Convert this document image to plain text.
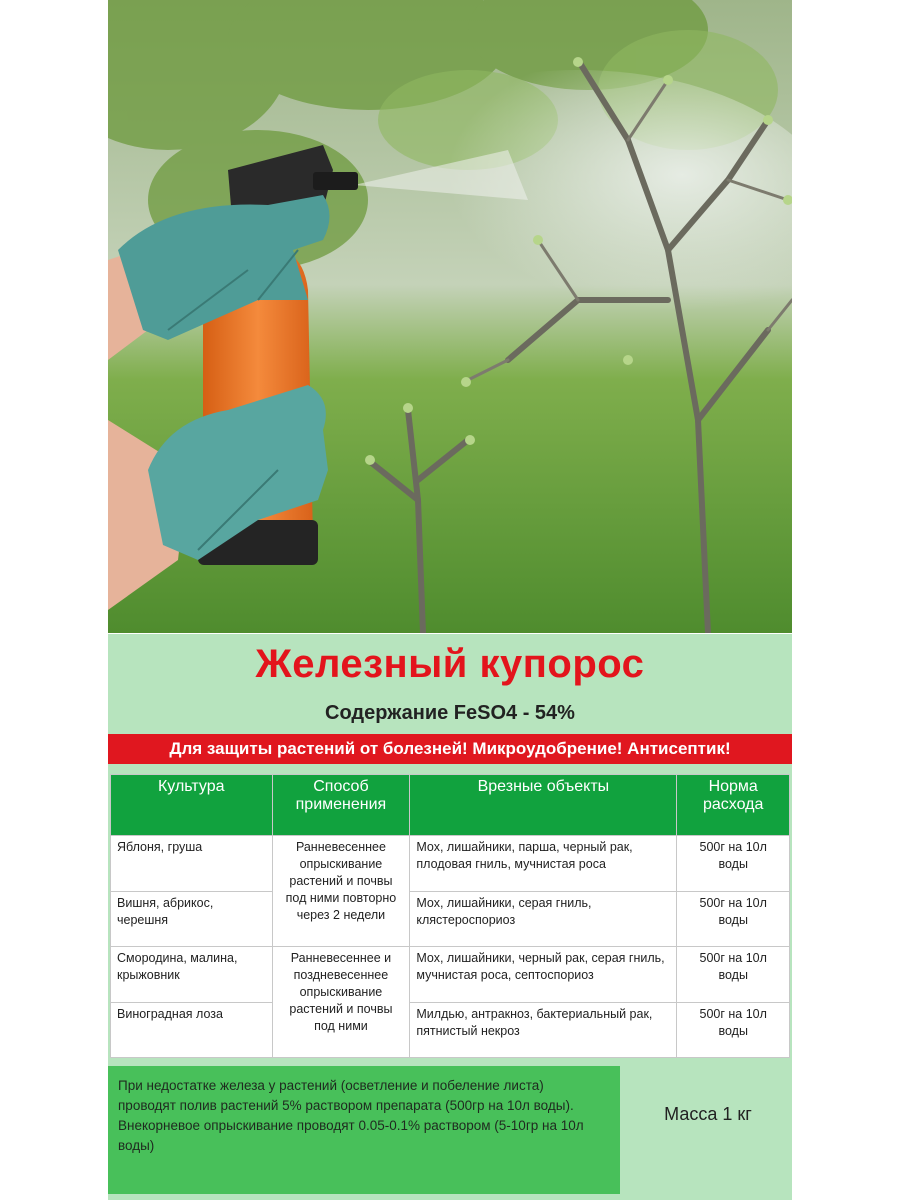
Железный купорос
Содержание FeSO4 - 54%
Для защиты растений от болезней! Микроудобрение! Антисептик!
Культура	Способ применения	Врезные объекты	Норма расхода
Яблоня, груша	Ранневесеннее опрыскивание растений и почвы под ними повторно через 2 недели	Мох, лишайники, парша, черный рак, плодовая гниль, мучнистая роса	500г на 10л воды
Вишня, абрикос, черешня		Мох, лишайники, серая гниль, клястероспориоз	500г на 10л воды
Смородина, малина, крыжовник	Ранневесеннее и поздневесеннее опрыскивание растений и почвы под ними	Мох, лишайники, черный рак, серая гниль, мучнистая роса, септоспориоз	500г на 10л воды
Виноградная лоза		Милдью, антракноз, бактериальный рак, пятнистый некроз	500г на 10л воды
При недостатке железа у растений (осветление и побеление листа) проводят полив растений 5% раствором препарата (500гр на 10л воды). Внекорневое опрыскивание проводят 0.05-0.1% раствором (5-10гр на 10л воды)
Масса 1 кг
